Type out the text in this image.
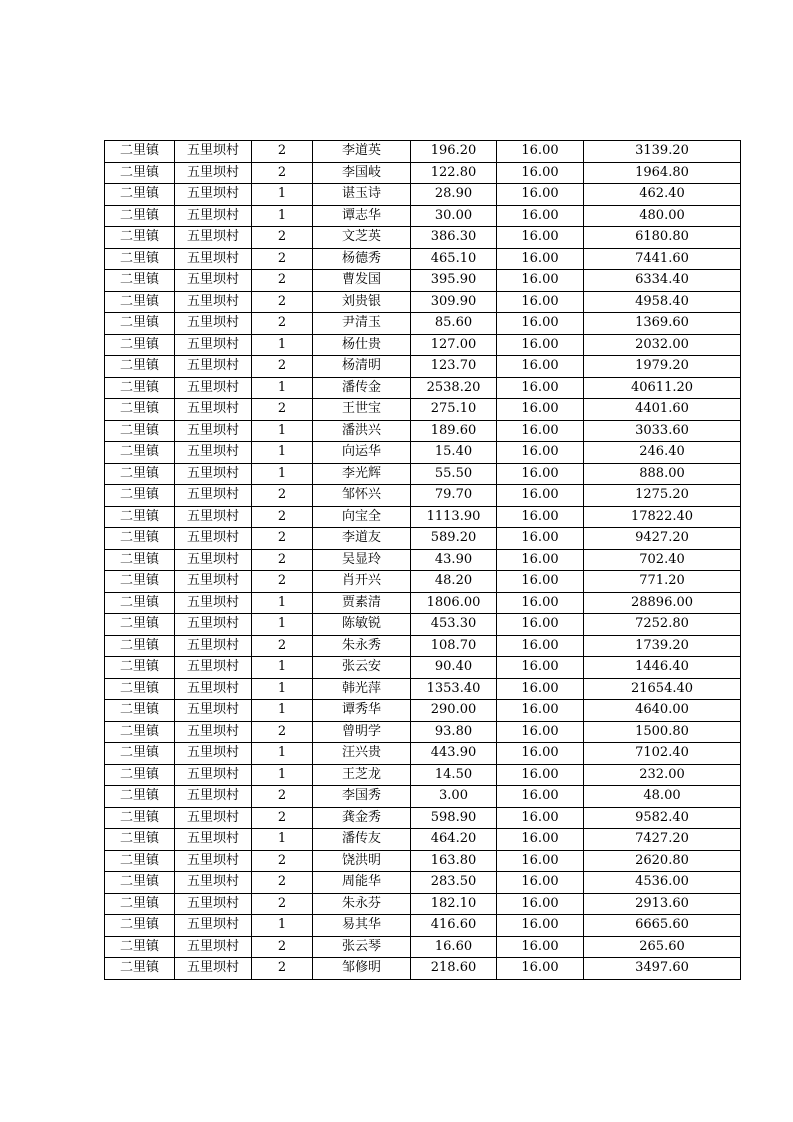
二里镇	五里坝村	2	李道英	196.20	16.00	3139.20
二里镇	五里坝村	2	李国岐	122.80	16.00	1964.80
二里镇	五里坝村	1	谌玉诗	28.90	16.00	462.40
二里镇	五里坝村	1	谭志华	30.00	16.00	480.00
二里镇	五里坝村	2	文芝英	386.30	16.00	6180.80
二里镇	五里坝村	2	杨德秀	465.10	16.00	7441.60
二里镇	五里坝村	2	曹发国	395.90	16.00	6334.40
二里镇	五里坝村	2	刘贵银	309.90	16.00	4958.40
二里镇	五里坝村	2	尹清玉	85.60	16.00	1369.60
二里镇	五里坝村	1	杨仕贵	127.00	16.00	2032.00
二里镇	五里坝村	2	杨清明	123.70	16.00	1979.20
二里镇	五里坝村	1	潘传金	2538.20	16.00	40611.20
二里镇	五里坝村	2	王世宝	275.10	16.00	4401.60
二里镇	五里坝村	1	潘洪兴	189.60	16.00	3033.60
二里镇	五里坝村	1	向运华	15.40	16.00	246.40
二里镇	五里坝村	1	李光辉	55.50	16.00	888.00
二里镇	五里坝村	2	邹怀兴	79.70	16.00	1275.20
二里镇	五里坝村	2	向宝全	1113.90	16.00	17822.40
二里镇	五里坝村	2	李道友	589.20	16.00	9427.20
二里镇	五里坝村	2	吴显玲	43.90	16.00	702.40
二里镇	五里坝村	2	肖开兴	48.20	16.00	771.20
二里镇	五里坝村	1	贾素清	1806.00	16.00	28896.00
二里镇	五里坝村	1	陈敏锐	453.30	16.00	7252.80
二里镇	五里坝村	2	朱永秀	108.70	16.00	1739.20
二里镇	五里坝村	1	张云安	90.40	16.00	1446.40
二里镇	五里坝村	1	韩光萍	1353.40	16.00	21654.40
二里镇	五里坝村	1	谭秀华	290.00	16.00	4640.00
二里镇	五里坝村	2	曾明学	93.80	16.00	1500.80
二里镇	五里坝村	1	汪兴贵	443.90	16.00	7102.40
二里镇	五里坝村	1	王芝龙	14.50	16.00	232.00
二里镇	五里坝村	2	李国秀	3.00	16.00	48.00
二里镇	五里坝村	2	龚金秀	598.90	16.00	9582.40
二里镇	五里坝村	1	潘传友	464.20	16.00	7427.20
二里镇	五里坝村	2	饶洪明	163.80	16.00	2620.80
二里镇	五里坝村	2	周能华	283.50	16.00	4536.00
二里镇	五里坝村	2	朱永芬	182.10	16.00	2913.60
二里镇	五里坝村	1	易其华	416.60	16.00	6665.60
二里镇	五里坝村	2	张云琴	16.60	16.00	265.60
二里镇	五里坝村	2	邹修明	218.60	16.00	3497.60
